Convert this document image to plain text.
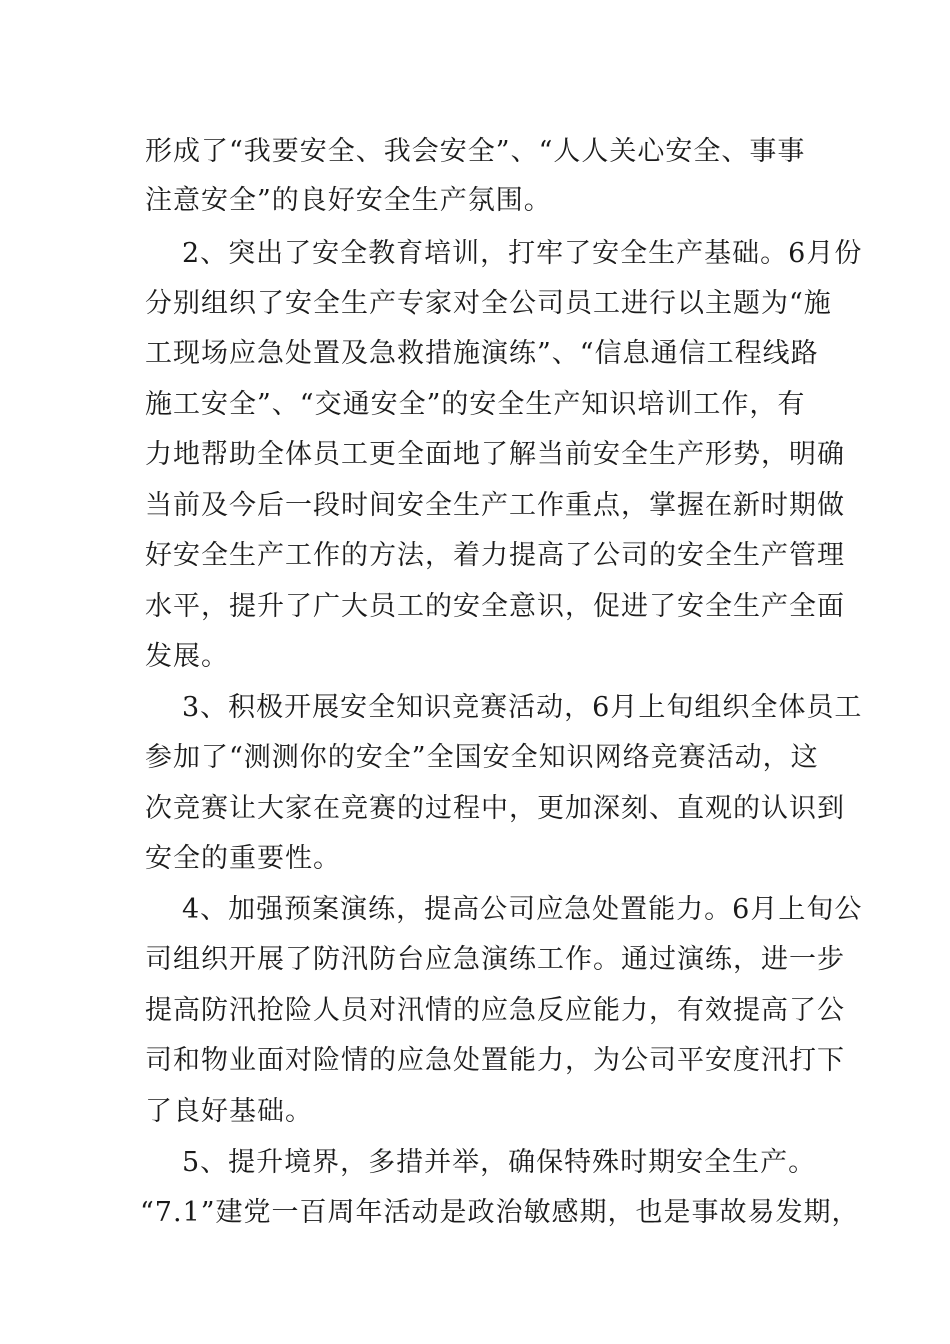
形成了“我要安全、我会安全”、“人人关心安全、事事
注意安全”的良好安全生产氛围。
2、突出了安全教育培训，打牢了安全生产基础。6月份
分别组织了安全生产专家对全公司员工进行以主题为“施
工现场应急处置及急救措施演练”、“信息通信工程线路
施工安全”、“交通安全”的安全生产知识培训工作，有
力地帮助全体员工更全面地了解当前安全生产形势，明确
当前及今后一段时间安全生产工作重点，掌握在新时期做
好安全生产工作的方法，着力提高了公司的安全生产管理
水平，提升了广大员工的安全意识，促进了安全生产全面
发展。
3、积极开展安全知识竞赛活动，6月上旬组织全体员工
参加了“测测你的安全”全国安全知识网络竞赛活动，这
次竞赛让大家在竞赛的过程中，更加深刻、直观的认识到
安全的重要性。
4、加强预案演练，提高公司应急处置能力。6月上旬公
司组织开展了防汛防台应急演练工作。通过演练，进一步
提高防汛抢险人员对汛情的应急反应能力，有效提高了公
司和物业面对险情的应急处置能力，为公司平安度汛打下
了良好基础。
5、提升境界，多措并举，确保特殊时期安全生产。
“7.1”建党一百周年活动是政治敏感期，也是事故易发期，
